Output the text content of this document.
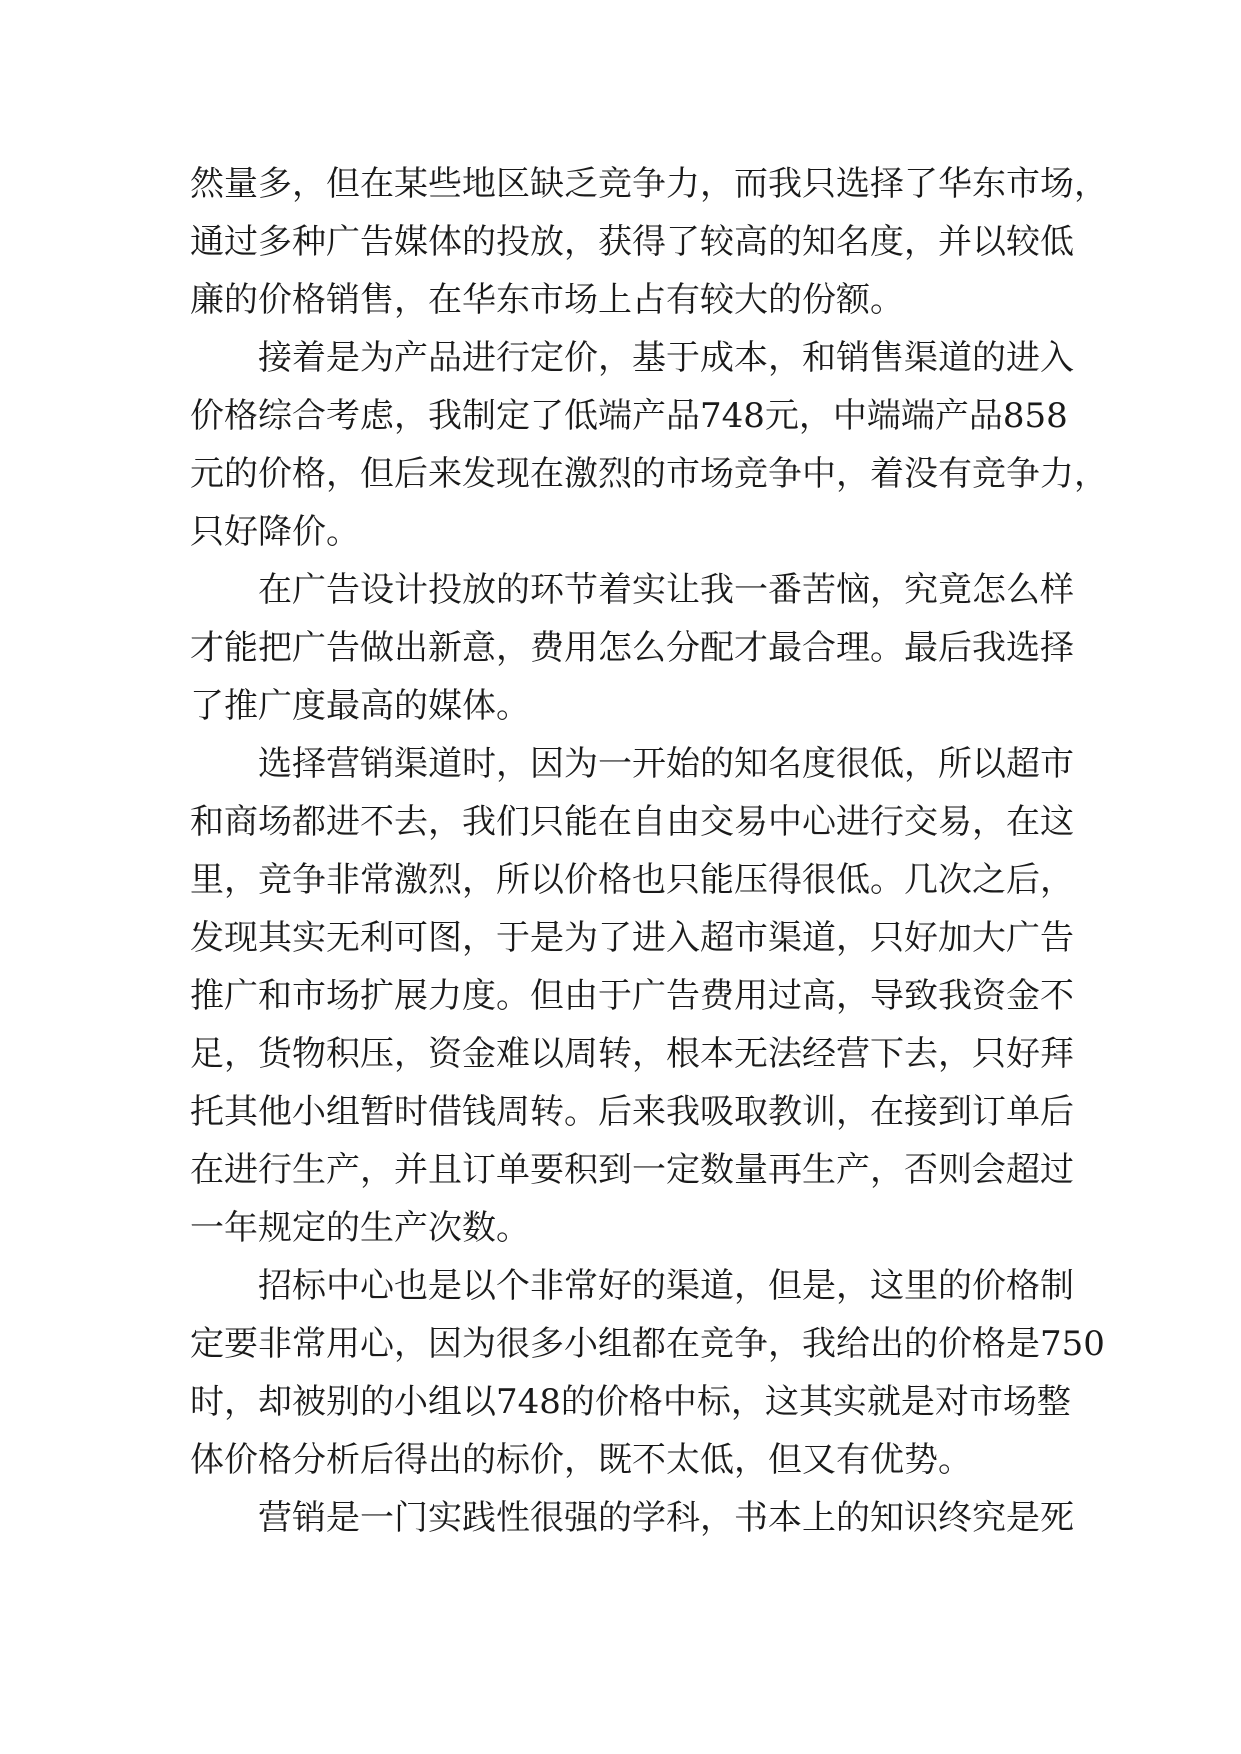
然 量 多 ， 但 在 某 些 地 区 缺 乏 竞 争 力 ， 而 我 只 选 择 了 华 东 市 场 ，
通 过 多 种 广 告 媒 体 的 投 放 ， 获 得 了 较 高 的 知 名 度 ， 并 以 较 低
廉 的 价 格 销 售 ， 在 华 东 市 场 上 占 有 较 大 的 份 额 。
接 着 是 为 产 品 进 行 定 价 ， 基 于 成 本 ， 和 销 售 渠 道 的 进 入
价 格 综 合 考 虑 ， 我 制 定 了 低 端 产 品 748 元 ， 中 端 端 产 品 858
元 的 价 格 ， 但 后 来 发 现 在 激 烈 的 市 场 竞 争 中 ， 着 没 有 竞 争 力 ，
只 好 降 价 。
在 广 告 设 计 投 放 的 环 节 着 实 让 我 一 番 苦 恼 ， 究 竟 怎 么 样
才 能 把 广 告 做 出 新 意 ， 费 用 怎 么 分 配 才 最 合 理 。 最 后 我 选 择
了 推 广 度 最 高 的 媒 体 。
选 择 营 销 渠 道 时 ， 因 为 一 开 始 的 知 名 度 很 低 ， 所 以 超 市
和 商 场 都 进 不 去 ， 我 们 只 能 在 自 由 交 易 中 心 进 行 交 易 ， 在 这
里 ， 竞 争 非 常 激 烈 ， 所 以 价 格 也 只 能 压 得 很 低 。 几 次 之 后 ，
发 现 其 实 无 利 可 图 ， 于 是 为 了 进 入 超 市 渠 道 ， 只 好 加 大 广 告
推 广 和 市 场 扩 展 力 度 。 但 由 于 广 告 费 用 过 高 ， 导 致 我 资 金 不
足 ， 货 物 积 压 ， 资 金 难 以 周 转 ， 根 本 无 法 经 营 下 去 ， 只 好 拜
托 其 他 小 组 暂 时 借 钱 周 转 。 后 来 我 吸 取 教 训 ， 在 接 到 订 单 后
在 进 行 生 产 ， 并 且 订 单 要 积 到 一 定 数 量 再 生 产 ， 否 则 会 超 过
一 年 规 定 的 生 产 次 数 。
招 标 中 心 也 是 以 个 非 常 好 的 渠 道 ， 但 是 ， 这 里 的 价 格 制
定 要 非 常 用 心 ， 因 为 很 多 小 组 都 在 竞 争 ， 我 给 出 的 价 格 是 750
时 ， 却 被 别 的 小 组 以 748 的 价 格 中 标 ， 这 其 实 就 是 对 市 场 整
体 价 格 分 析 后 得 出 的 标 价 ， 既 不 太 低 ， 但 又 有 优 势 。
营 销 是 一 门 实 践 性 很 强 的 学 科 ， 书 本 上 的 知 识 终 究 是 死
